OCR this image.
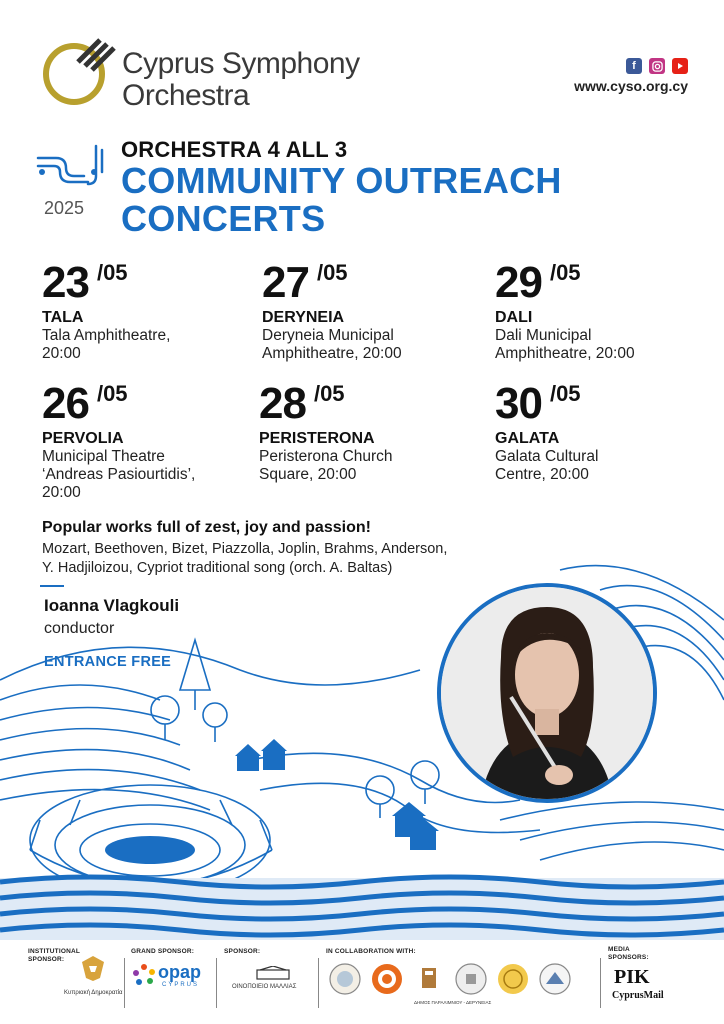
Cyprus Symphony
Orchestra
f
www.cyso.org.cy
2025
ORCHESTRA 4 ALL 3
COMMUNITY OUTREACH
CONCERTS
23 /05
TALA
Tala Amphitheatre,
20:00
27 /05
DERYNEIA
Deryneia Municipal
Amphitheatre, 20:00
29 /05
DALI
Dali Municipal
Amphitheatre, 20:00
26 /05
PERVOLIA
Municipal Theatre
‘Andreas Pasiourtidis’,
20:00
28 /05
PERISTERONA
Peristerona Church
Square, 20:00
30 /05
GALATA
Galata Cultural
Centre, 20:00
Popular works full of zest, joy and passion!
Mozart, Beethoven, Bizet, Piazzolla, Joplin, Brahms, Anderson,
Y. Hadjiloizou, Cypriot traditional song (orch. A. Baltas)
Ioanna Vlagkouli
conductor
ENTRANCE FREE
INSTITUTIONAL
SPONSOR:
Κυπριακή Δημοκρατία
GRAND SPONSOR:	SPONSOR:
ΟΙΝΟΠΟΙΕΙΟ ΜΑΛΛΙΑΣ
IN COLLABORATION WITH:
ΔΗΜΟΣ ΠΑΡΑΛΙΜΝΙΟΥ - ΔΕΡΥΝΕΙΑΣ
MEDIA
SPONSORS:
opap
CYPRUS	ΡΙΚ
CyprusMail
